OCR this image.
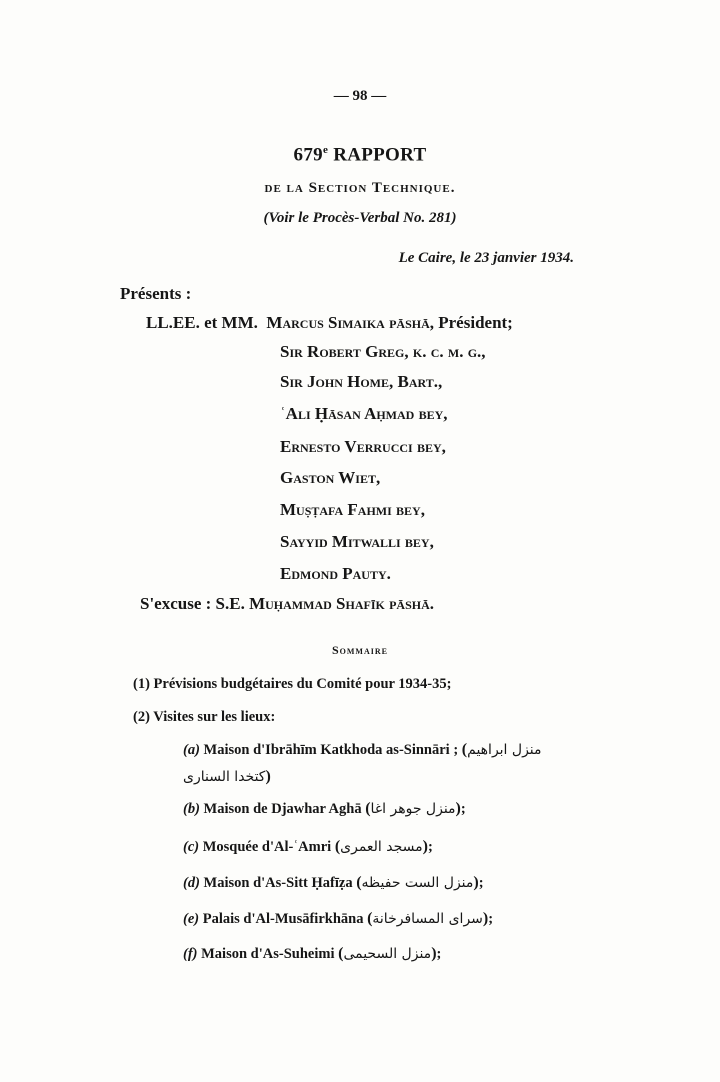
— 98 —
679e RAPPORT
de la Section Technique.
(Voir le Procès-Verbal No. 281)
Le Caire, le 23 janvier 1934.
Présents :
LL.EE. et MM. Marcus Simaika pāshā, Président;
Sir Robert Greg, k. c. m. g.,
Sir John Home, Bart.,
ʿAli Ḥāsan Aḥmad bey,
Ernesto Verrucci bey,
Gaston Wiet,
Muṣṭafa Fahmi bey,
Sayyid Mitwalli bey,
Edmond Pauty.
S'excuse : S.E. Muḥammad Shafīk pāshā.
Sommaire
(1) Prévisions budgétaires du Comité pour 1934-35;
(2) Visites sur les lieux:
(a) Maison d'Ibrāhīm Katkhoda as-Sinnāri ; (منزل ابراهيم
كتخدا السنارى)
(b) Maison de Djawhar Aghā (منزل جوهر اغا);
(c) Mosquée d'Al-ʿAmri (مسجد العمرى);
(d) Maison d'As-Sitt Ḥafīẓa (منزل الست حفيظه);
(e) Palais d'Al-Musāfirkhāna (سراى المسافرخانة);
(f) Maison d'As-Suheimi (منزل السحيمى);
